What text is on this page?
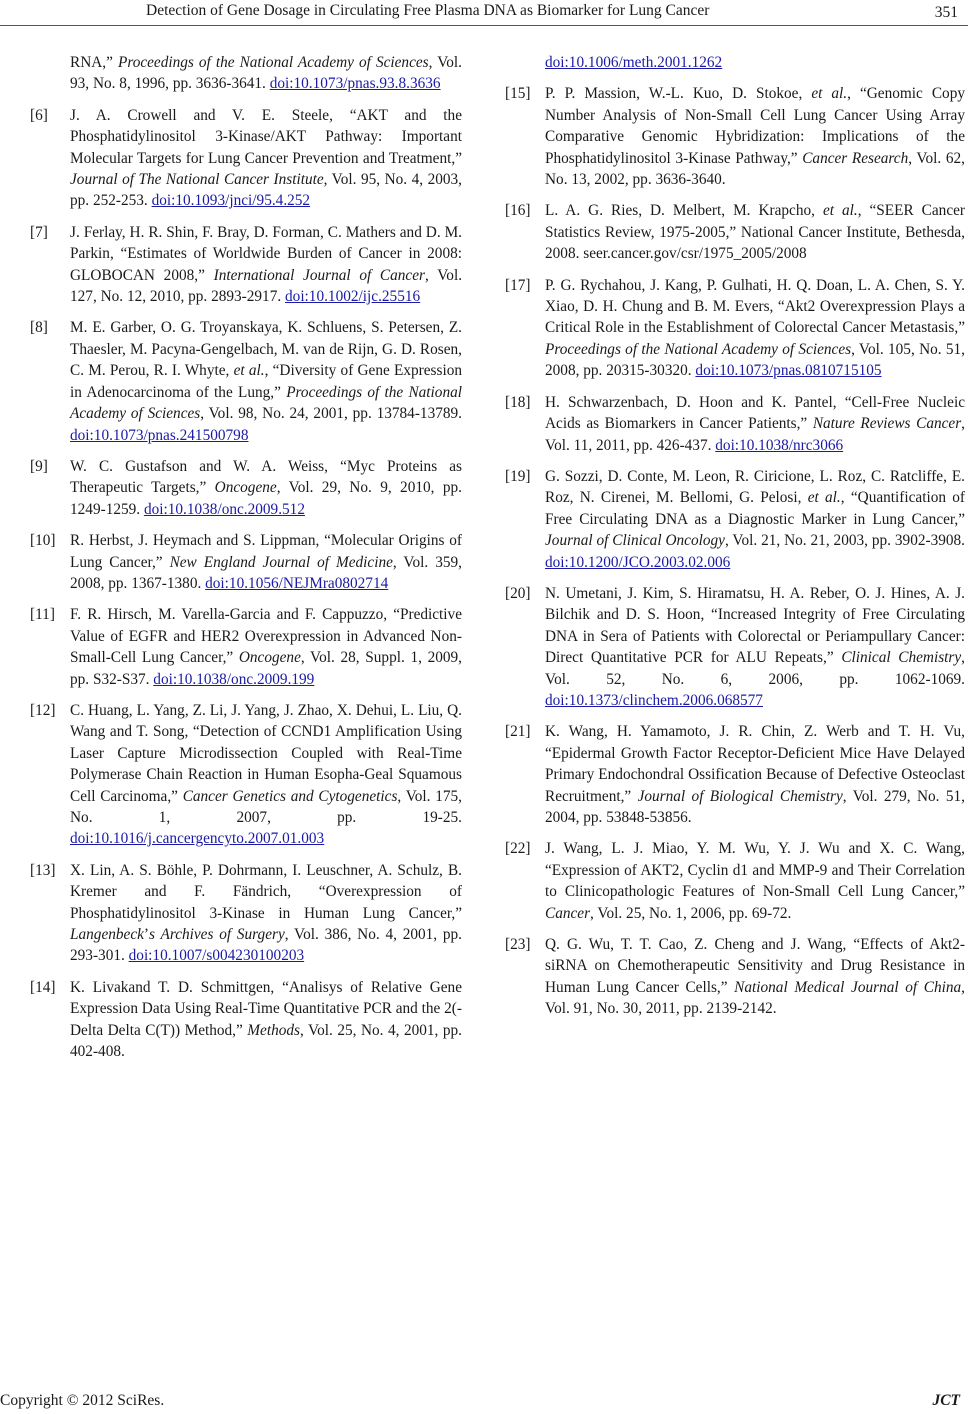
Detection of Gene Dosage in Circulating Free Plasma DNA as Biomarker for Lung Cancer	351
RNA,” Proceedings of the National Academy of Sciences, Vol. 93, No. 8, 1996, pp. 3636-3641. doi:10.1073/pnas.93.8.3636
[6] J. A. Crowell and V. E. Steele, “AKT and the Phosphatidylinositol 3-Kinase/AKT Pathway: Important Molecular Targets for Lung Cancer Prevention and Treatment,” Journal of The National Cancer Institute, Vol. 95, No. 4, 2003, pp. 252-253. doi:10.1093/jnci/95.4.252
[7] J. Ferlay, H. R. Shin, F. Bray, D. Forman, C. Mathers and D. M. Parkin, “Estimates of Worldwide Burden of Cancer in 2008: GLOBOCAN 2008,” International Journal of Cancer, Vol. 127, No. 12, 2010, pp. 2893-2917. doi:10.1002/ijc.25516
[8] M. E. Garber, O. G. Troyanskaya, K. Schluens, S. Petersen, Z. Thaesler, M. Pacyna-Gengelbach, M. van de Rijn, G. D. Rosen, C. M. Perou, R. I. Whyte, et al., “Diversity of Gene Expression in Adenocarcinoma of the Lung,” Proceedings of the National Academy of Sciences, Vol. 98, No. 24, 2001, pp. 13784-13789. doi:10.1073/pnas.241500798
[9] W. C. Gustafson and W. A. Weiss, “Myc Proteins as Therapeutic Targets,” Oncogene, Vol. 29, No. 9, 2010, pp. 1249-1259. doi:10.1038/onc.2009.512
[10] R. Herbst, J. Heymach and S. Lippman, “Molecular Origins of Lung Cancer,” New England Journal of Medicine, Vol. 359, 2008, pp. 1367-1380. doi:10.1056/NEJMra0802714
[11] F. R. Hirsch, M. Varella-Garcia and F. Cappuzzo, “Predictive Value of EGFR and HER2 Overexpression in Advanced Non-Small-Cell Lung Cancer,” Oncogene, Vol. 28, Suppl. 1, 2009, pp. S32-S37. doi:10.1038/onc.2009.199
[12] C. Huang, L. Yang, Z. Li, J. Yang, J. Zhao, X. Dehui, L. Liu, Q. Wang and T. Song, “Detection of CCND1 Amplification Using Laser Capture Microdissection Coupled with Real-Time Polymerase Chain Reaction in Human Esopha-Geal Squamous Cell Carcinoma,” Cancer Genetics and Cytogenetics, Vol. 175, No. 1, 2007, pp. 19-25. doi:10.1016/j.cancergencyto.2007.01.003
[13] X. Lin, A. S. Böhle, P. Dohrmann, I. Leuschner, A. Schulz, B. Kremer and F. Fändrich, “Overexpression of Phosphatidylinositol 3-Kinase in Human Lung Cancer,” Langenbeck’s Archives of Surgery, Vol. 386, No. 4, 2001, pp. 293-301. doi:10.1007/s004230100203
[14] K. Livakand T. D. Schmittgen, “Analisys of Relative Gene Expression Data Using Real-Time Quantitative PCR and the 2(-Delta Delta C(T)) Method,” Methods, Vol. 25, No. 4, 2001, pp. 402-408.
doi:10.1006/meth.2001.1262
[15] P. P. Massion, W.-L. Kuo, D. Stokoe, et al., “Genomic Copy Number Analysis of Non-Small Cell Lung Cancer Using Array Comparative Genomic Hybridization: Implications of the Phosphatidylinositol 3-Kinase Pathway,” Cancer Research, Vol. 62, No. 13, 2002, pp. 3636-3640.
[16] L. A. G. Ries, D. Melbert, M. Krapcho, et al., “SEER Cancer Statistics Review, 1975-2005,” National Cancer Institute, Bethesda, 2008. seer.cancer.gov/csr/1975_2005/2008
[17] P. G. Rychahou, J. Kang, P. Gulhati, H. Q. Doan, L. A. Chen, S. Y. Xiao, D. H. Chung and B. M. Evers, “Akt2 Overexpression Plays a Critical Role in the Establishment of Colorectal Cancer Metastasis,” Proceedings of the National Academy of Sciences, Vol. 105, No. 51, 2008, pp. 20315-30320. doi:10.1073/pnas.0810715105
[18] H. Schwarzenbach, D. Hoon and K. Pantel, “Cell-Free Nucleic Acids as Biomarkers in Cancer Patients,” Nature Reviews Cancer, Vol. 11, 2011, pp. 426-437. doi:10.1038/nrc3066
[19] G. Sozzi, D. Conte, M. Leon, R. Ciricione, L. Roz, C. Ratcliffe, E. Roz, N. Cirenei, M. Bellomi, G. Pelosi, et al., “Quantification of Free Circulating DNA as a Diagnostic Marker in Lung Cancer,” Journal of Clinical Oncology, Vol. 21, No. 21, 2003, pp. 3902-3908. doi:10.1200/JCO.2003.02.006
[20] N. Umetani, J. Kim, S. Hiramatsu, H. A. Reber, O. J. Hines, A. J. Bilchik and D. S. Hoon, “Increased Integrity of Free Circulating DNA in Sera of Patients with Colorectal or Periampullary Cancer: Direct Quantitative PCR for ALU Repeats,” Clinical Chemistry, Vol. 52, No. 6, 2006, pp. 1062-1069. doi:10.1373/clinchem.2006.068577
[21] K. Wang, H. Yamamoto, J. R. Chin, Z. Werb and T. H. Vu, “Epidermal Growth Factor Receptor-Deficient Mice Have Delayed Primary Endochondral Ossification Because of Defective Osteoclast Recruitment,” Journal of Biological Chemistry, Vol. 279, No. 51, 2004, pp. 53848-53856.
[22] J. Wang, L. J. Miao, Y. M. Wu, Y. J. Wu and X. C. Wang, “Expression of AKT2, Cyclin d1 and MMP-9 and Their Correlation to Clinicopathologic Features of Non-Small Cell Lung Cancer,” Cancer, Vol. 25, No. 1, 2006, pp. 69-72.
[23] Q. G. Wu, T. T. Cao, Z. Cheng and J. Wang, “Effects of Akt2-siRNA on Chemotherapeutic Sensitivity and Drug Resistance in Human Lung Cancer Cells,” National Medical Journal of China, Vol. 91, No. 30, 2011, pp. 2139-2142.
Copyright © 2012 SciRes.	JCT
